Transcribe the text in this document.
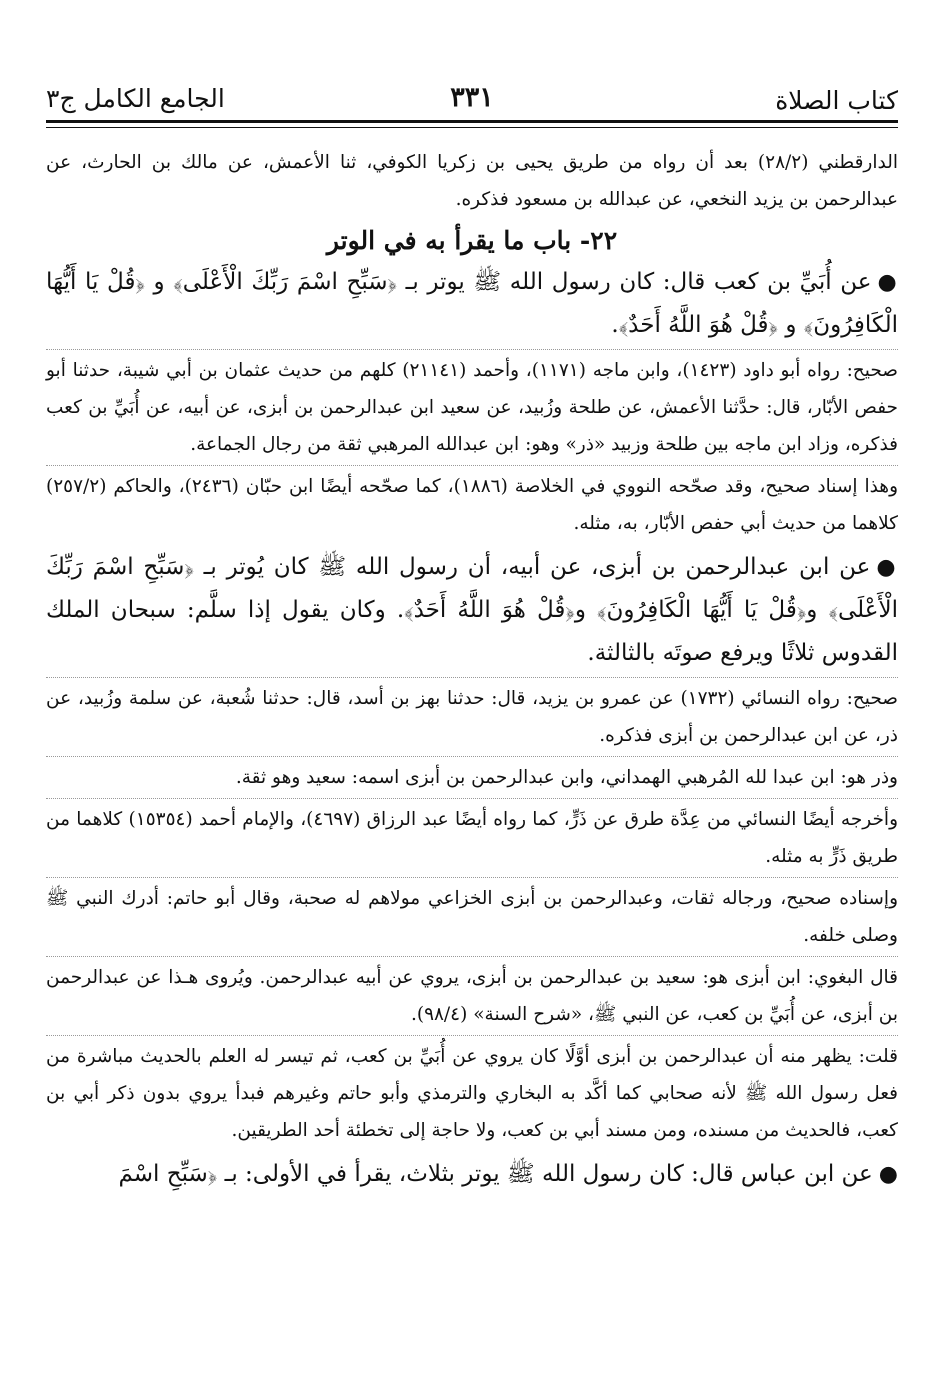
كتاب الصلاة
٣٣١
الجامع الكامل ج٣

الدارقطني (٢٨/٢) بعد أن رواه من طريق يحيى بن زكريا الكوفي، ثنا الأعمش، عن مالك بن الحارث، عن عبدالرحمن بن يزيد النخعي، عن عبدالله بن مسعود فذكره.

٢٢- باب ما يقرأ به في الوتر

●عن أُبَيِّ بن كعب قال: كان رسول الله ﷺ يوتر بـ ﴿سَبِّحِ اسْمَ رَبِّكَ الْأَعْلَى﴾ و ﴿قُلْ يَا أَيُّهَا الْكَافِرُونَ﴾ و ﴿قُلْ هُوَ اللَّهُ أَحَدٌ﴾.

صحيح: رواه أبو داود (١٤٢٣)، وابن ماجه (١١٧١)، وأحمد (٢١١٤١) كلهم من حديث عثمان بن أبي شيبة، حدثنا أبو حفص الأبّار، قال: حدَّثنا الأعمش، عن طلحة وزُبيد، عن سعيد ابن عبدالرحمن بن أبزى، عن أبيه، عن أُبَيِّ بن كعب فذكره، وزاد ابن ماجه بين طلحة وزبيد «ذر» وهو: ابن عبدالله المرهبي ثقة من رجال الجماعة.

وهذا إسناد صحيح، وقد صحّحه النووي في الخلاصة (١٨٨٦)، كما صحّحه أيضًا ابن حبّان (٢٤٣٦)، والحاكم (٢٥٧/٢) كلاهما من حديث أبي حفص الأبّار، به، مثله.

●عن ابن عبدالرحمن بن أبزى، عن أبيه، أن رسول الله ﷺ كان يُوتر بـ ﴿سَبِّحِ اسْمَ رَبِّكَ الْأَعْلَى﴾ و﴿قُلْ يَا أَيُّهَا الْكَافِرُونَ﴾ و﴿قُلْ هُوَ اللَّهُ أَحَدٌ﴾. وكان يقول إذا سلَّم: سبحان الملك القدوس ثلاثًا ويرفع صوتَه بالثالثة.

صحيح: رواه النسائي (١٧٣٢) عن عمرو بن يزيد، قال: حدثنا بهز بن أسد، قال: حدثنا شُعبة، عن سلمة وزُبيد، عن ذر، عن ابن عبدالرحمن بن أبزى فذكره.

وذر هو: ابن عبدا لله المُرهبي الهمداني، وابن عبدالرحمن بن أبزى اسمه: سعيد وهو ثقة.

وأخرجه أيضًا النسائي من عِدَّة طرق عن ذَرٍّ، كما رواه أيضًا عبد الرزاق (٤٦٩٧)، والإمام أحمد (١٥٣٥٤) كلاهما من طريق ذَرٍّ به مثله.

وإسناده صحيح، ورجاله ثقات، وعبدالرحمن بن أبزى الخزاعي مولاهم له صحبة، وقال أبو حاتم: أدرك النبي ﷺ وصلى خلفه.

قال البغوي: ابن أبزى هو: سعيد بن عبدالرحمن بن أبزى، يروي عن أبيه عبدالرحمن. ويُروى هـذا عن عبدالرحمن بن أبزى، عن أُبَيِّ بن كعب، عن النبي ﷺ، «شرح السنة» (٩٨/٤).

قلت: يظهر منه أن عبدالرحمن بن أبزى أوَّلًا كان يروي عن أُبَيِّ بن كعب، ثم تيسر له العلم بالحديث مباشرة من فعل رسول الله ﷺ لأنه صحابي كما أكَّد به البخاري والترمذي وأبو حاتم وغيرهم فبدأ يروي بدون ذكر أبي بن كعب، فالحديث من مسنده، ومن مسند أبي بن كعب، ولا حاجة إلى تخطئة أحد الطريقين.

●عن ابن عباس قال: كان رسول الله ﷺ يوتر بثلاث، يقرأ في الأولى: بـ ﴿سَبِّحِ اسْمَ
